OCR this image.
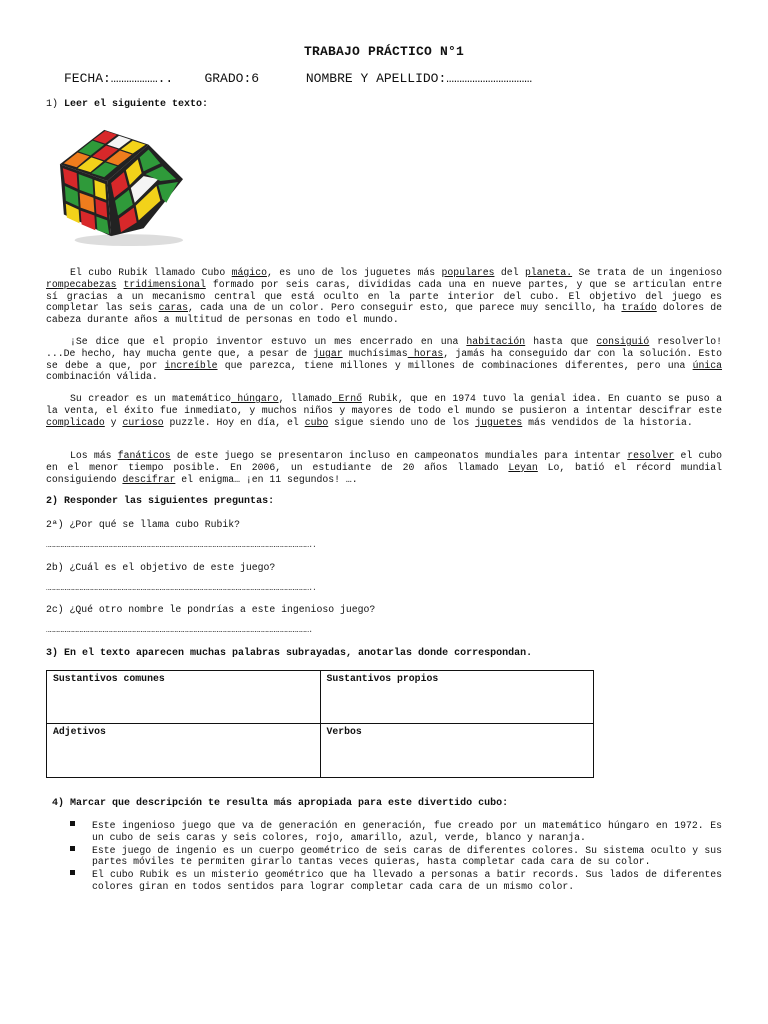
TRABAJO PRÁCTICO N°1
FECHA:……………….. GRADO:6	NOMBRE Y APELLIDO:……………………………
1) Leer el siguiente texto:
El cubo Rubik llamado Cubo mágico, es uno de los juguetes más populares del planeta. Se trata de un ingenioso rompecabezas tridimensional formado por seis caras, divididas cada una en nueve partes, y que se articulan entre sí gracias a un mecanismo central que está oculto en la parte interior del cubo. El objetivo del juego es completar las seis caras, cada una de un color. Pero conseguir esto, que parece muy sencillo, ha traído dolores de cabeza durante años a multitud de personas en todo el mundo.
¡Se dice que el propio inventor estuvo un mes encerrado en una habitación hasta que consiguió resolverlo! ...De hecho, hay mucha gente que, a pesar de jugar muchísimas horas, jamás ha conseguido dar con la solución. Esto se debe a que, por increíble que parezca, tiene millones y millones de combinaciones diferentes, pero una única combinación válida.
Su creador es un matemático húngaro, llamado Ernő Rubik, que en 1974 tuvo la genial idea. En cuanto se puso a la venta, el éxito fue inmediato, y muchos niños y mayores de todo el mundo se pusieron a intentar descifrar este complicado y curioso puzzle. Hoy en día, el cubo sigue siendo uno de los juguetes más vendidos de la historia.
Los más fanáticos de este juego se presentaron incluso en campeonatos mundiales para intentar resolver el cubo en el menor tiempo posible. En 2006, un estudiante de 20 años llamado Leyan Lo, batió el récord mundial consiguiendo descifrar el enigma… ¡en 11 segundos! ….
2) Responder las siguientes preguntas:
2ª) ¿Por qué se llama cubo Rubik?
………………………………………………………………………………………………………………………………………………………………………………………..
2b) ¿Cuál es el objetivo de este juego?
………………………………………………………………………………………………………………………………………………………………………………………..
2c) ¿Qué otro nombre le pondrías a este ingenioso juego?
……………………………………………………………………………………………………………………………………………………………………………………….
3) En el texto aparecen muchas palabras subrayadas, anotarlas donde correspondan.
Sustantivos comunes	Sustantivos propios
Adjetivos	Verbos
4) Marcar que descripción te resulta más apropiada para este divertido cubo:
Este ingenioso juego que va de generación en generación, fue creado por un matemático húngaro en 1972. Es un cubo de seis caras y seis colores, rojo, amarillo, azul, verde, blanco y naranja.
Este juego de ingenio es un cuerpo geométrico de seis caras de diferentes colores. Su sistema oculto y sus partes móviles te permiten girarlo tantas veces quieras, hasta completar cada cara de su color.
El cubo Rubik es un misterio geométrico que ha llevado a personas a batir records. Sus lados de diferentes colores giran en todos sentidos para lograr completar cada cara de un mismo color.
